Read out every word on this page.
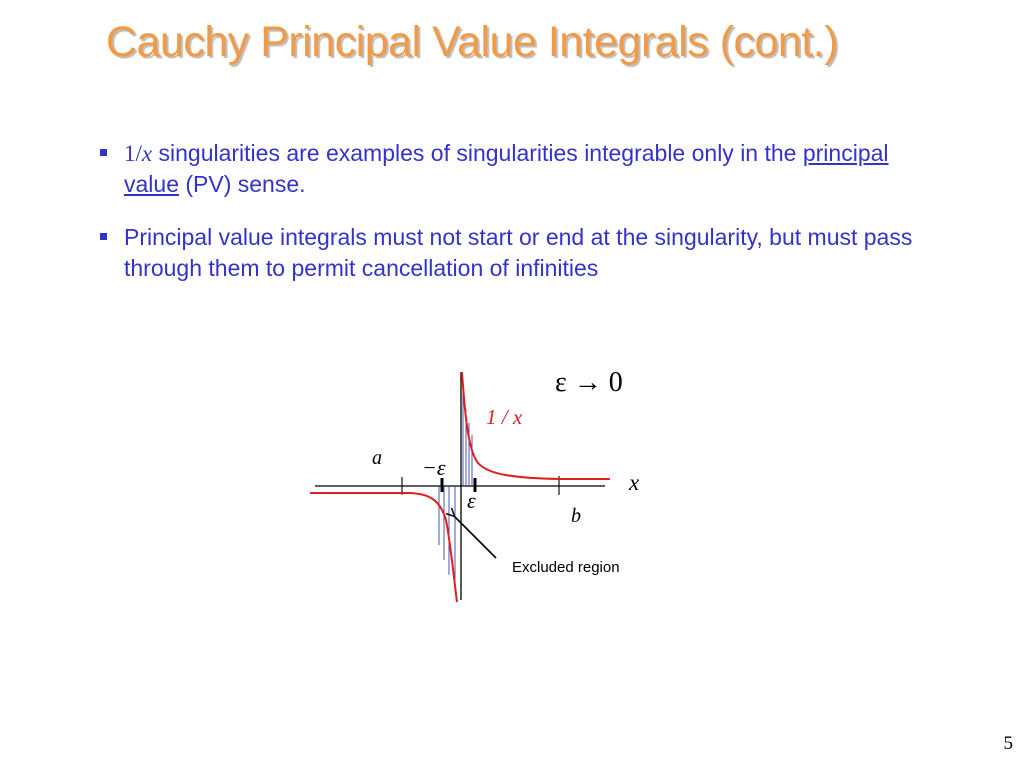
Cauchy Principal Value Integrals (cont.)
1/x singularities are examples of singularities integrable only in the principal value (PV) sense.
Principal value integrals must not start or end at the singularity, but must pass through them to permit cancellation of infinities
ε → 0
1 / x
a −ε
x
ε
b
Excluded region
5
